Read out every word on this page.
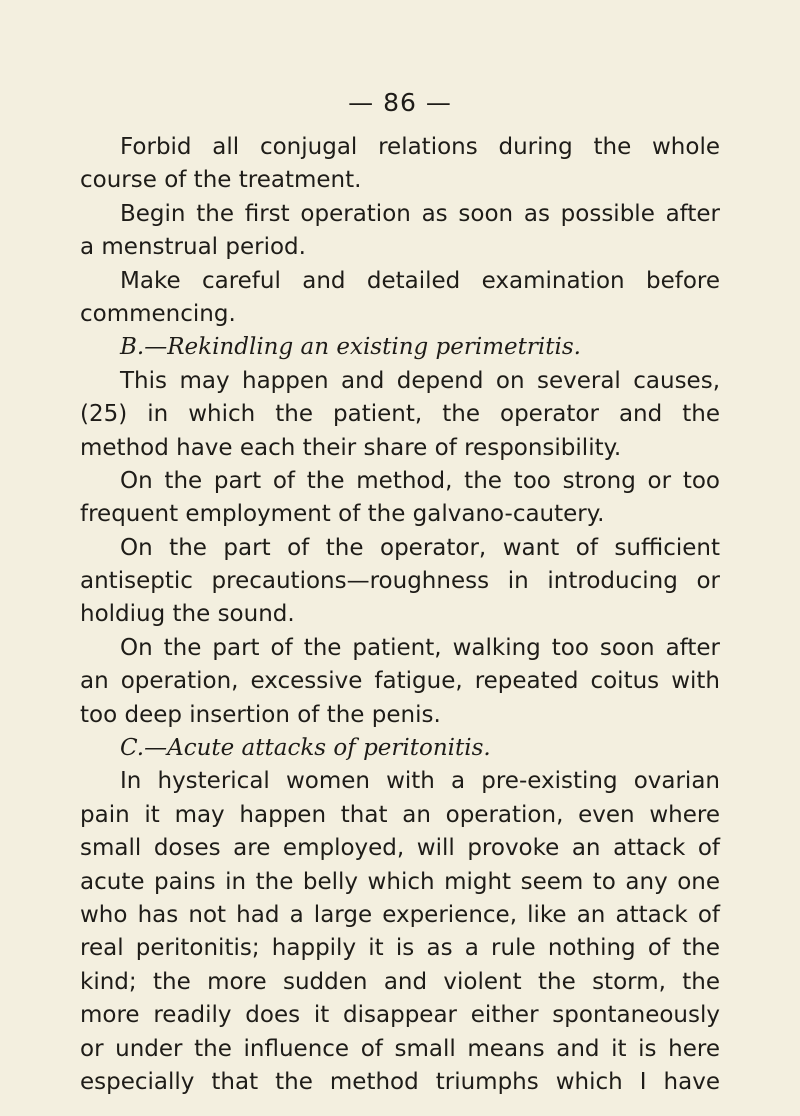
— 86 —
Forbid all conjugal relations during the whole
course of the treatment.
Begin the first operation as soon as possible after
a menstrual period.
Make careful and detailed examination before
commencing.
B.—Rekindling an existing perimetritis.
This may happen and depend on several causes,
(25) in which the patient, the operator and the
method have each their share of responsibility.
On the part of the method, the too strong or too
frequent employment of the galvano-cautery.
On the part of the operator, want of sufficient
antiseptic precautions—roughness in introducing or
holdiug the sound.
On the part of the patient, walking too soon after
an operation, excessive fatigue, repeated coitus with
too deep insertion of the penis.
C.—Acute attacks of peritonitis.
In hysterical women with a pre-existing ovarian
pain it may happen that an operation, even where
small doses are employed, will provoke an attack of
acute pains in the belly which might seem to any one
who has not had a large experience, like an attack of
real peritonitis; happily it is as a rule nothing of the
kind; the more sudden and violent the storm, the
more readily does it disappear either spontaneously
or under the influence of small means and it is here
especially that the method triumphs which I have
